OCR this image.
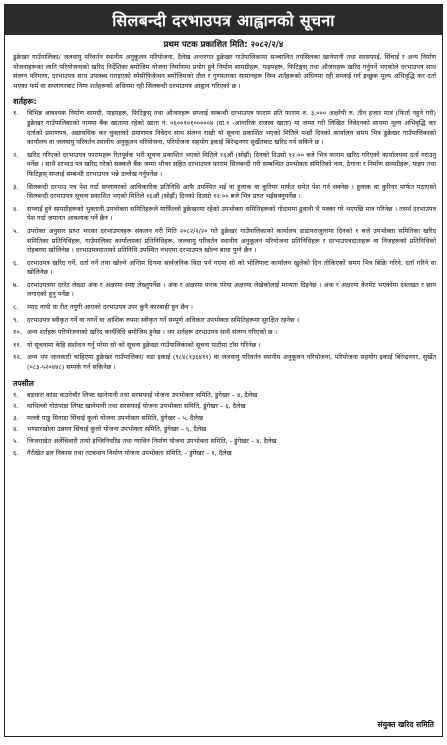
सिलबन्दी दरभाउपत्र आह्वानको सूचना
प्रथम पटक प्रकाशित मिति: २०८२/२/४
डुक्रेखर गाउँपालिका/ जलवायु परिवर्तन स्थानीय अनुकूलन परियोजना, दैलेख अन्तरगत डुक्रेखर गाउँपालिकामा सञ्चालित तपसिलका खानेपानी तथा सरसफाई, सिंचाई र अन्य निर्माण योजनाहरूका लागि परियोजनाको खरिद निर्देशिका बमोजिम योजना निर्माणमा प्रयोग हुने निर्माण सामग्रीहरू, पाइपहरू, फिटिङ्गस् तथा औजारहरू खरिद गर्नुपर्ने भएकोले दरभाउपत्र साथ संलग्न परिमाण, दरभाउपत्र साथ उपलब्ध गराइएको स्पेसीफिकेसन बमोजिमको तौल र गुणस्तरका सामानहरू निम्न शर्तहरूको अधिनमा रही सप्लाई गर्न इच्छुक मूल्य अभिवृद्धि कर दर्ता भएका फर्म वा सप्लायरबाट निम्न शर्तहरूको अधिनमा रही सिलबन्दी दरभाउपत्र आह्वान गरिएको छ ।
शर्तहरू:
१.	विभिन्न आवश्यक निर्माण सामग्री, पाइपहरू, फिटिङ्गस् तथा औजारहरू सप्लाई सम्बन्धी दरभाउपत्र फाराम प्रति फाराम रु. ३,००० अक्षरेपी रु. तीन हजार मात्र (फिर्ता नहुने गरी) डुक्रेखर गाउँपालिकाको नाममा बैंक खातामा रहेको खाता नं. ०६००१०१०००००४ (ग्रा.१ -आन्तरिक राजस्व खाता) मा जम्मा गरी लिखित निवेदनको साथमा मूल्य अभिवृद्धि कर दर्ताको प्रमाणपत्र, अद्यावधिक कर चुक्ताको प्रमाणपत्र निवेदन साथ संलग्न राखी यो सूचना प्रकाशित भएको मितिले पन्ध्रौं दिनको कार्यालय समय भित्र डुक्रेखर गाउँपालिकाको कार्यालय वा जलवायु परिवर्तन स्थानीय अनुकूलन परियोजना, परियोजना सहयोग इकाई बिरेन्द्रनगर सुर्खेतबाट खरिद गर्न सकिने छ ।
२.	खरिद गरिएको दरभाउपत्र फारामहरू रितपूर्वक भरी सूचना प्रकाशित भएको मितिले १६औं (सोह्रौं) दिनको दिउसो १२:०० बजे भित्र फाराम खरिद गरिएको कार्यालयमा दर्ता गराउनु पर्नेछ । साथै दरभाउ पत्र खरिद गरेको सक्कलै बैंक जम्मा भौचर सहित दरभाउपत्र फाराम सिलबन्दी गरी सम्बन्धित उपभोक्ता समितिको नाम, ठेगाना र निर्माण सामग्रीहरू, पाइप तथा फिटिङ्गस् सप्लाई सम्बन्धी दरभाउपत्र भन्ने उल्लेख गर्नुपर्नेछ ।
३.	सिलबन्दी दरभाउ पत्र पेश गर्दा सप्लायरको आधिकारिक प्रतिनिधि आफै उपस्थित भई वा हुलाक वा कुरियर मार्फत समेत पेश गर्न सक्नेछ । हुलाक वा कुरियर मार्फत पठाएको सिलबन्दी दरभाउपत्र सूचना प्रकाशित भएको मितिले १६औं (सोह्रौं) दिनको दिउसो १२:०० बजे भित्र प्राप्त भईसक्नुपर्नेछ ।
४.	सप्लाई हुने सामग्रीहरूको भुक्तानी उपभोक्ता समितिहरूले मार्फिल्लो डुक्रेखरमा रहेको उपभोक्ता समितिहरूको गोदाममा ढुवानी भै पक्का गरे भएपछि मात्र गरिनेछ । तसर्थ दरभाउपत्र पेश गर्दा जमानत आवश्यक पर्ने छैन ।
५.	उपरोक्त अनुसार प्राप्त भएका दरभाउपत्रहरू संकलन गरी मिति २०८२/२/२० गते डुक्रेखर गाउँपालिकाको कार्यालय डाडापराजुलामा दिनको १ बजे उपभोक्ता समितिका खरिद समितिका प्रतिनिधिहरू, गाउँपालिका कार्यालयका प्रतिनिधिहरू, जलवायु परिवर्तन स्थानीय अनुकूलन परियोजना प्रतिनिधिहरू र दरभाउपत्रदाताहरू वा निजहरूको प्रतिनिधिको रोहबरमा खोलिनेछ । दरभाउपत्रदाताको प्रतिनिधि उपस्थित नभएमा दरभाउपत्र खोल्न बाधा पुग्ने छैन ।
६.	दरभाउपत्र खरिद गर्ने, दर्ता गर्ने तथा खोल्ने अन्तिम दिनमा सार्वजनिक विदा पर्न गएमा सो को भोलिपल्ट कार्यालय खुलेको दिन तोकिएको समय भित्र बिक्रि गरिने, दर्ता गरिने वा खोलिनेछ ।
७.	दरभाउपत्रमा दररेट लेख्दा अंक र अक्षरमा स्पष्ट लेख्नुपर्नेछ । अंक र अक्षरमा फरक परेमा अक्षरमा लेखेकोलाई मान्यता दिइनेछ । अंक र अक्षरमा केरमेट भएकोमा दस्तखत र छाप लगाएको हुनु पर्नेछ ।
८.	म्याद नाघी वा रीत नपुगी आएको दरभाउपत्र उपर कुनै कारबाही हुन छैन ।
९.	दरभाउपत्र स्वीकृत गर्ने वा नगर्ने वा आंशिक रुपमा स्वीकृत गर्ने सम्पूर्ण अधिकार उपभोक्ता समितिहरूमा सुरक्षित रहनेछ ।
१०. अन्य शर्तहरू परियोजनाको खरिद कार्यविधि बमोजिम हुनेछ । थप शर्तहरू दरभाउपत्र साथै संलग्न गरिएको छ ।
११. यो सूचनामा केहि संशोधन गर्नु परेमा सो को सूचना डुक्रेखर गाउँपालिकाको सूचना पाटीमा टाँस गरिनेछ ।
१२. अन्य थप जानकारी चाहिएमा डुक्रेखर गाउँपालिका/ वडा इकाई (९८४८१३६४१९) वा जलवायु परिवर्तन स्थानीय अनुकूलन परियोजना, परियोजना सहयोग इकाई बिरेन्द्रनगर, सुर्खेत (०८३-५२०४४८) सम्पर्क गर्न सकिनेछ ।
तपसील
१.	बडधारा कांडा वाउनेचौर लिफ्ट खानेपानी तथा सरसफाई योजना उपभोक्ता समिति, डुंगेखर – ४, दैलेख
२.	माथिल्लो गोठपाडा लिफ्ट खानेपानी तथा सरसफाई योजना उपभोक्ता समिति, डुंगेखर – ६, दैलेख
३.	मल्लो पाडु मिनाडा सिंचाई कुलो योजना उपभोक्ता समिति, डुंगेखर – ५, दैलेख
४.	भण्डारखोला उन्नयन सिंचाई कुलो योजना उपभोक्ता समिति, डुंगेखर – ६, दैलेख
५.	जिजराखेत अर्लेचिवारी तायो इन्जिनियरिड तथा ग्याविन निर्माण योजना उपभोक्ता समिति, - डुंगेखर – ४, दैलेख
६.	गैरीखेत ढल निकास तथा तटबन्धन निर्माण योजना उपभोक्ता समिति, - डुंगेखर – १, दैलेख
संयुक्त खरिद समिति
